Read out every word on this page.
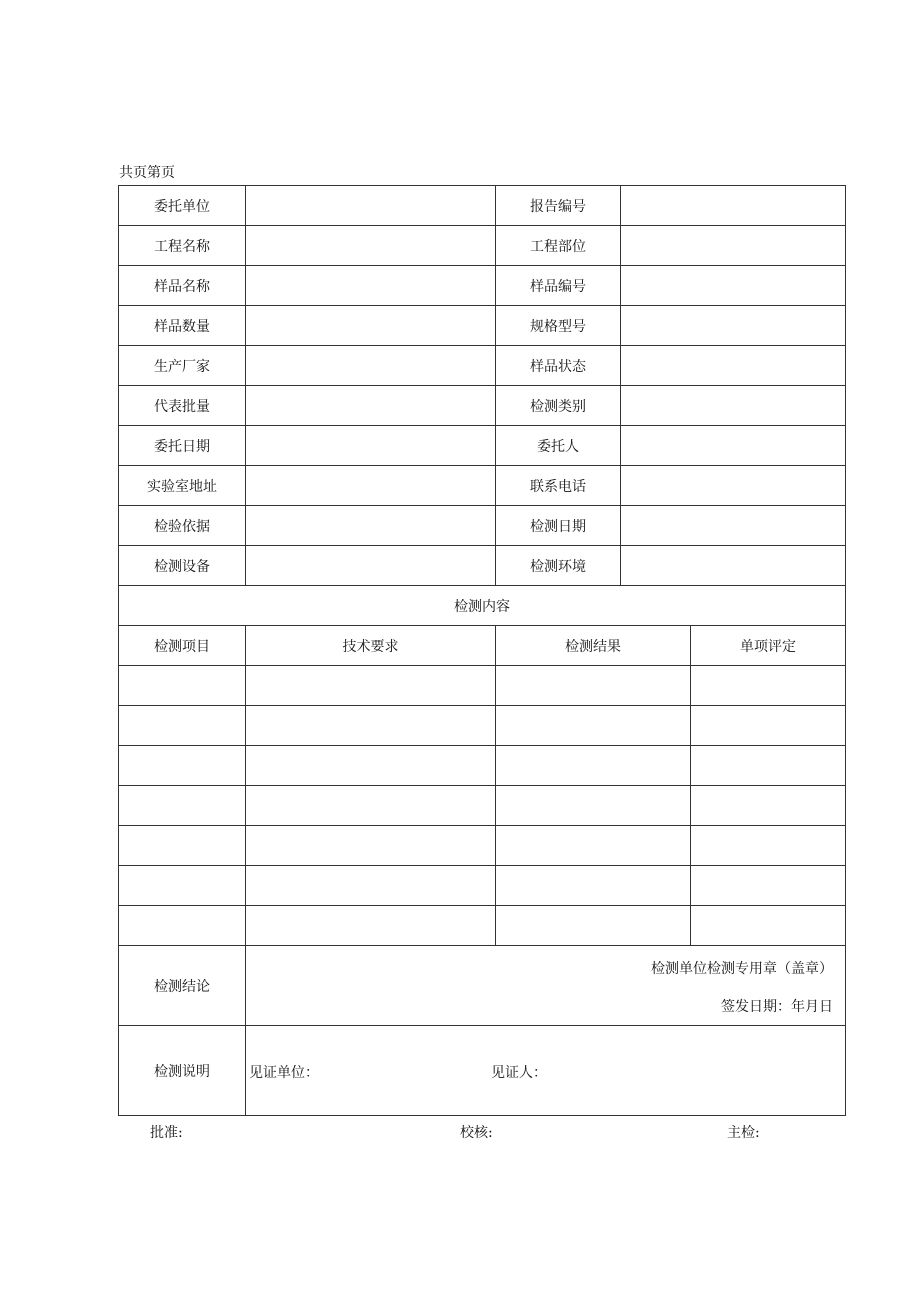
共页第页
委托单位		报告编号		
工程名称		工程部位		
样品名称		样品编号		
样品数量		规格型号		
生产厂家		样品状态		
代表批量		检测类别		
委托日期		委托人		
实验室地址		联系电话		
检验依据		检测日期		
检测设备		检测环境		
检测内容				
检测项目	技术要求	检测结果		单项评定

检测结论	检测单位检测专用章（盖章）
签发日期：年月日			

检测说明	见证单位： 见证人：			
批准:	校核:	主检:
